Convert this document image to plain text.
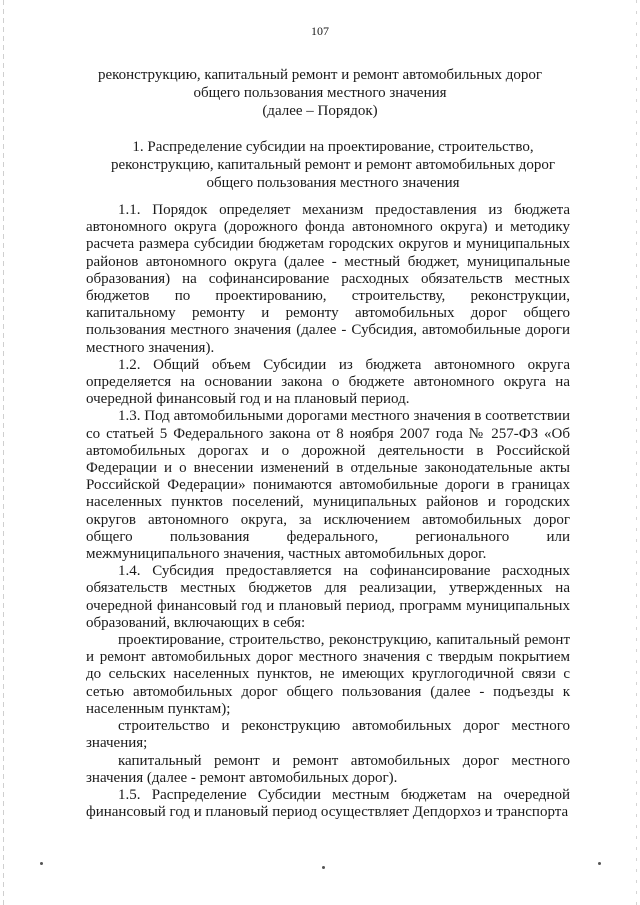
107
реконструкцию, капитальный ремонт и ремонт автомобильных дорог
общего пользования местного значения
(далее – Порядок)
1. Распределение субсидии на проектирование, строительство,
реконструкцию, капитальный ремонт и ремонт автомобильных дорог
общего пользования местного значения

1.1. Порядок определяет механизм предоставления из бюджета автономного округа (дорожного фонда автономного округа) и методику расчета размера субсидии бюджетам городских округов и муниципальных районов автономного округа (далее - местный бюджет, муниципальные образования) на софинансирование расходных обязательств местных бюджетов по проектированию, строительству, реконструкции, капитальному ремонту и ремонту автомобильных дорог общего пользования местного значения (далее - Субсидия, автомобильные дороги местного значения).

1.2. Общий объем Субсидии из бюджета автономного округа определяется на основании закона о бюджете автономного округа на очередной финансовый год и на плановый период.

1.3. Под автомобильными дорогами местного значения в соответствии со статьей 5 Федерального закона от 8 ноября 2007 года № 257-ФЗ «Об автомобильных дорогах и о дорожной деятельности в Российской Федерации и о внесении изменений в отдельные законодательные акты Российской Федерации» понимаются автомобильные дороги в границах населенных пунктов поселений, муниципальных районов и городских округов автономного округа, за исключением автомобильных дорог общего пользования федерального, регионального или межмуниципального значения, частных автомобильных дорог.

1.4. Субсидия предоставляется на софинансирование расходных обязательств местных бюджетов для реализации, утвержденных на очередной финансовый год и плановый период, программ муниципальных образований, включающих в себя:

проектирование, строительство, реконструкцию, капитальный ремонт и ремонт автомобильных дорог местного значения с твердым покрытием до сельских населенных пунктов, не имеющих круглогодичной связи с сетью автомобильных дорог общего пользования (далее - подъезды к населенным пунктам);

строительство и реконструкцию автомобильных дорог местного значения;

капитальный ремонт и ремонт автомобильных дорог местного значения (далее - ремонт автомобильных дорог).

1.5. Распределение Субсидии местным бюджетам на очередной финансовый год и плановый период осуществляет Депдорхоз и транспорта
